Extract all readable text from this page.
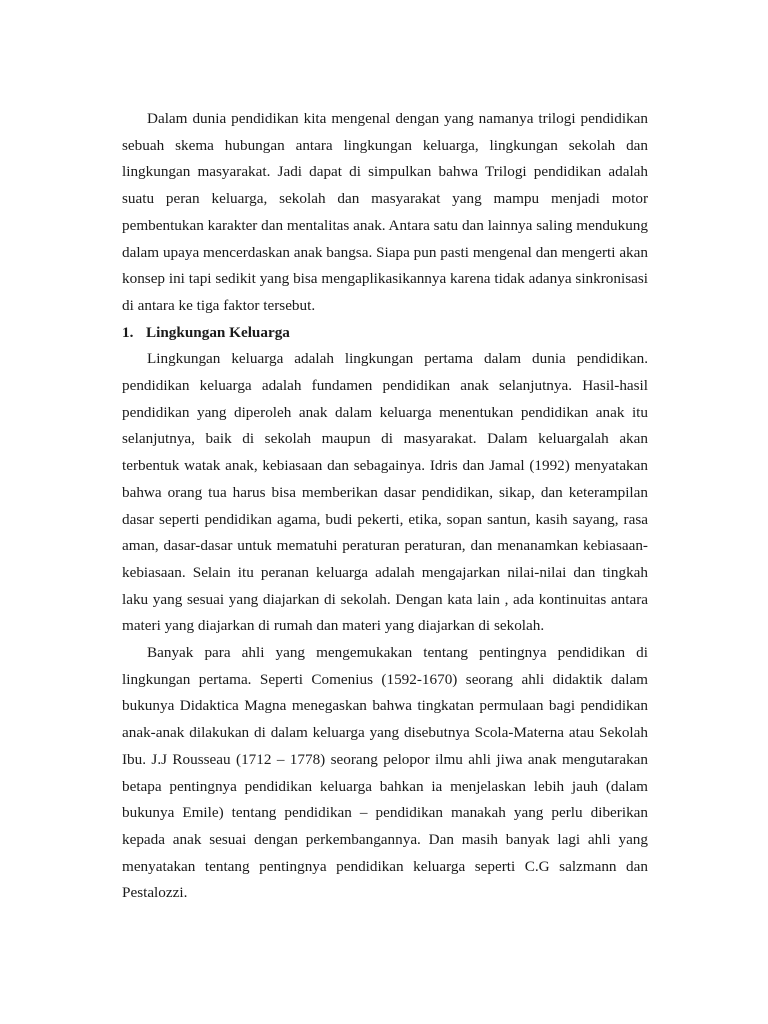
Dalam dunia pendidikan kita mengenal dengan yang namanya trilogi pendidikan sebuah skema hubungan antara lingkungan keluarga, lingkungan sekolah dan lingkungan masyarakat. Jadi dapat di simpulkan bahwa Trilogi pendidikan adalah suatu peran keluarga, sekolah dan masyarakat yang mampu menjadi motor pembentukan karakter dan mentalitas anak. Antara satu dan lainnya saling mendukung dalam upaya mencerdaskan anak bangsa. Siapa pun pasti mengenal dan mengerti akan konsep ini tapi sedikit yang bisa mengaplikasikannya karena tidak adanya sinkronisasi di antara ke tiga faktor tersebut.

1. Lingkungan Keluarga

Lingkungan keluarga adalah lingkungan pertama dalam dunia pendidikan. pendidikan keluarga adalah fundamen pendidikan anak selanjutnya. Hasil-hasil pendidikan yang diperoleh anak dalam keluarga menentukan pendidikan anak itu selanjutnya, baik di sekolah maupun di masyarakat. Dalam keluargalah akan terbentuk watak anak, kebiasaan dan sebagainya. Idris dan Jamal (1992) menyatakan bahwa orang tua harus bisa memberikan dasar pendidikan, sikap, dan keterampilan dasar seperti pendidikan agama, budi pekerti, etika, sopan santun, kasih sayang, rasa aman, dasar-dasar untuk mematuhi peraturan peraturan, dan menanamkan kebiasaan-kebiasaan. Selain itu peranan keluarga adalah mengajarkan nilai-nilai dan tingkah laku yang sesuai yang diajarkan di sekolah. Dengan kata lain , ada kontinuitas antara materi yang diajarkan di rumah dan materi yang diajarkan di sekolah.

Banyak para ahli yang mengemukakan tentang pentingnya pendidikan di lingkungan pertama. Seperti Comenius (1592-1670) seorang ahli didaktik dalam bukunya Didaktica Magna menegaskan bahwa tingkatan permulaan bagi pendidikan anak-anak dilakukan di dalam keluarga yang disebutnya Scola-Materna atau Sekolah Ibu. J.J Rousseau (1712 – 1778) seorang pelopor ilmu ahli jiwa anak mengutarakan betapa pentingnya pendidikan keluarga bahkan ia menjelaskan lebih jauh (dalam bukunya Emile) tentang pendidikan – pendidikan manakah yang perlu diberikan kepada anak sesuai dengan perkembangannya. Dan masih banyak lagi ahli yang menyatakan tentang pentingnya pendidikan keluarga seperti C.G salzmann dan Pestalozzi.
